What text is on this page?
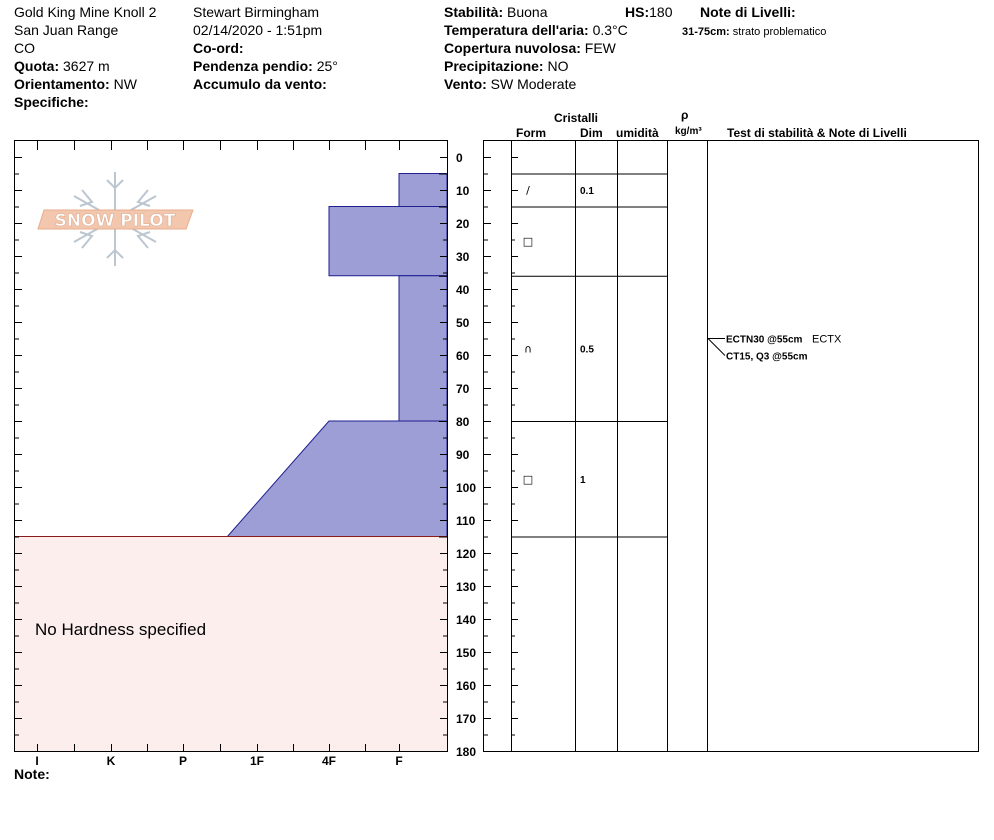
Gold King Mine Knoll 2
San Juan Range
CO
Quota: 3627 m
Orientamento: NW
Specifiche:
Stewart Birmingham
02/14/2020 - 1:51pm
Co-ord:
Pendenza pendio: 25°
Accumulo da vento:
Stabilità: Buona	HS:180
Temperatura dell'aria: 0.3°C
Copertura nuvolosa: FEW
Precipitazione: NO
Vento: SW Moderate
Note di Livelli:
31-75cm: strato problematico
Cristalli
Form	Dim umidità
ρ
kg/m³ Test di stabilità & Note di Livelli
Note:
No Hardness specified
SNOW PILOT
0
10
20
30
40
50
60
70
80
90
100
110
120
130
140
150
160
170
180
I	K	P	1F	4F	F
/	0.1
□
∩	0.5
□	1
ECTN30 @55cm ECTX
CT15, Q3 @55cm
